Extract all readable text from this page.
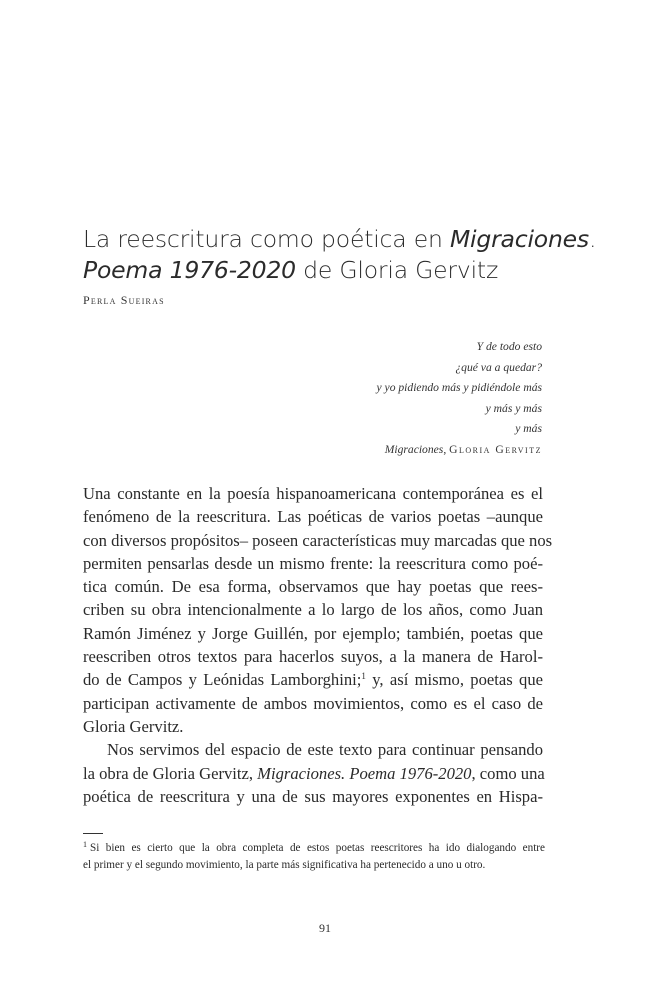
La reescritura como poética en Migraciones.
Poema 1976-2020 de Gloria Gervitz
Perla Sueiras
Y de todo esto
¿qué va a quedar?
y yo pidiendo más y pidiéndole más
y más y más
y más
Migraciones, Gloria Gervitz
Una constante en la poesía hispanoamericana contemporánea es el
fenómeno de la reescritura. Las poéticas de varios poetas –aunque
con diversos propósitos– poseen características muy marcadas que nos
permiten pensarlas desde un mismo frente: la reescritura como poé-
tica común. De esa forma, observamos que hay poetas que rees-
criben su obra intencionalmente a lo largo de los años, como Juan
Ramón Jiménez y Jorge Guillén, por ejemplo; también, poetas que
reescriben otros textos para hacerlos suyos, a la manera de Harol-
do de Campos y Leónidas Lamborghini;$^1$ y, así mismo, poetas que
participan activamente de ambos movimientos, como es el caso de
Gloria Gervitz.
Nos servimos del espacio de este texto para continuar pensando
la obra de Gloria Gervitz, Migraciones. Poema 1976-2020, como una
poética de reescritura y una de sus mayores exponentes en Hispa-
$^1$ Si bien es cierto que la obra completa de estos poetas reescritores ha ido dialogando entre
el primer y el segundo movimiento, la parte más significativa ha pertenecido a uno u otro.
91
